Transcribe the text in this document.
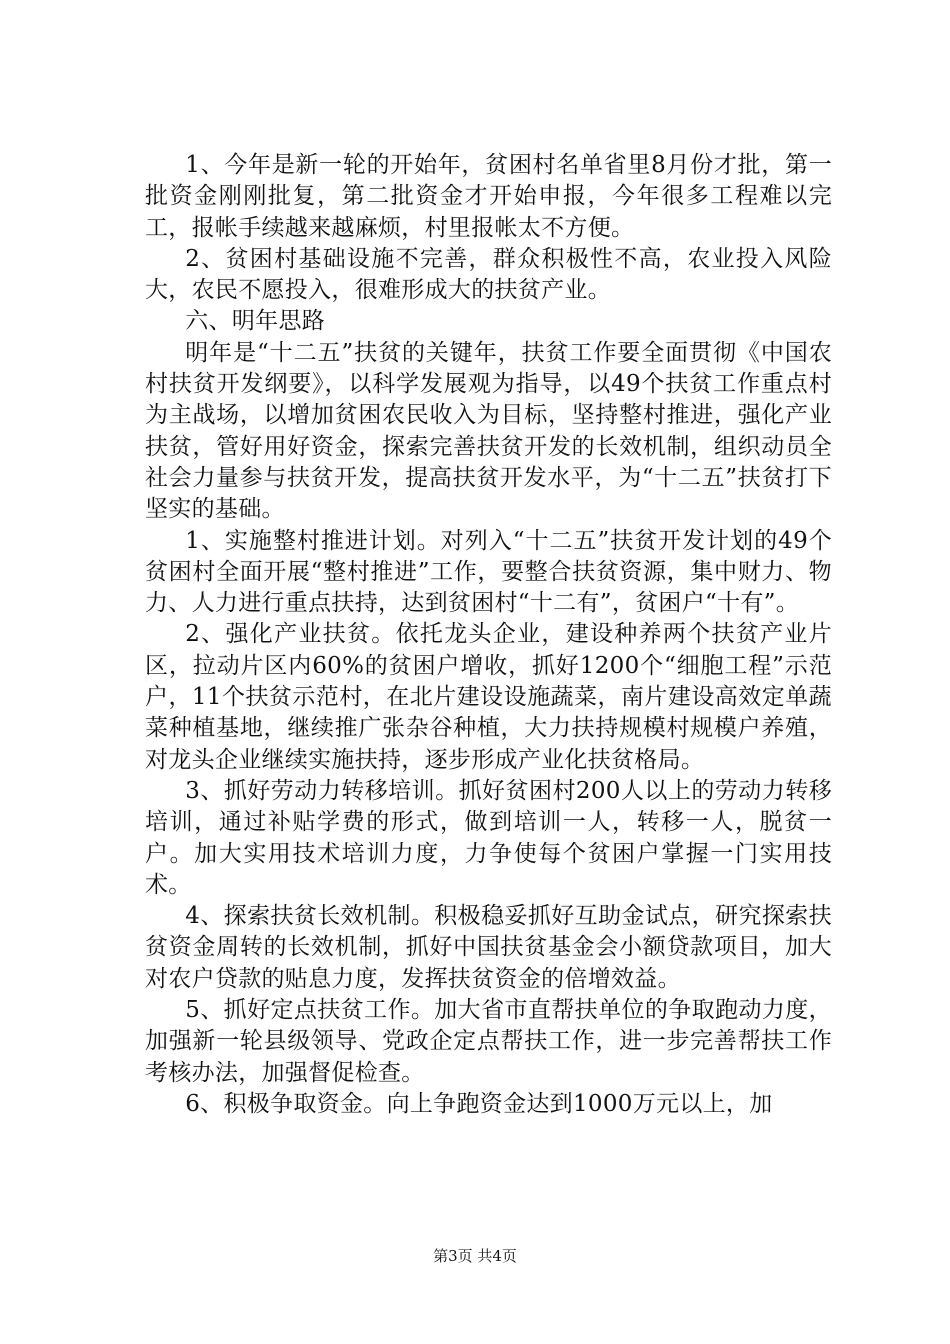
1、今年是新一轮的开始年，贫困村名单省里8月份才批，第一批资金刚刚批复，第二批资金才开始申报，今年很多工程难以完工，报帐手续越来越麻烦，村里报帐太不方便。

2、贫困村基础设施不完善，群众积极性不高，农业投入风险大，农民不愿投入，很难形成大的扶贫产业。

六、明年思路

明年是“十二五”扶贫的关键年，扶贫工作要全面贯彻《中国农村扶贫开发纲要》，以科学发展观为指导，以49个扶贫工作重点村为主战场，以增加贫困农民收入为目标，坚持整村推进，强化产业扶贫，管好用好资金，探索完善扶贫开发的长效机制，组织动员全社会力量参与扶贫开发，提高扶贫开发水平，为“十二五”扶贫打下坚实的基础。

1、实施整村推进计划。对列入“十二五”扶贫开发计划的49个贫困村全面开展“整村推进”工作，要整合扶贫资源，集中财力、物力、人力进行重点扶持，达到贫困村“十二有”，贫困户“十有”。

2、强化产业扶贫。依托龙头企业，建设种养两个扶贫产业片区，拉动片区内60%的贫困户增收，抓好1200个“细胞工程”示范户，11个扶贫示范村，在北片建设设施蔬菜，南片建设高效定单蔬菜种植基地，继续推广张杂谷种植，大力扶持规模村规模户养殖，对龙头企业继续实施扶持，逐步形成产业化扶贫格局。

3、抓好劳动力转移培训。抓好贫困村200人以上的劳动力转移培训，通过补贴学费的形式，做到培训一人，转移一人，脱贫一户。加大实用技术培训力度，力争使每个贫困户掌握一门实用技术。

4、探索扶贫长效机制。积极稳妥抓好互助金试点，研究探索扶贫资金周转的长效机制，抓好中国扶贫基金会小额贷款项目，加大对农户贷款的贴息力度，发挥扶贫资金的倍增效益。

5、抓好定点扶贫工作。加大省市直帮扶单位的争取跑动力度，加强新一轮县级领导、党政企定点帮扶工作，进一步完善帮扶工作考核办法，加强督促检查。

6、积极争取资金。向上争跑资金达到1000万元以上，加

第3页 共4页
